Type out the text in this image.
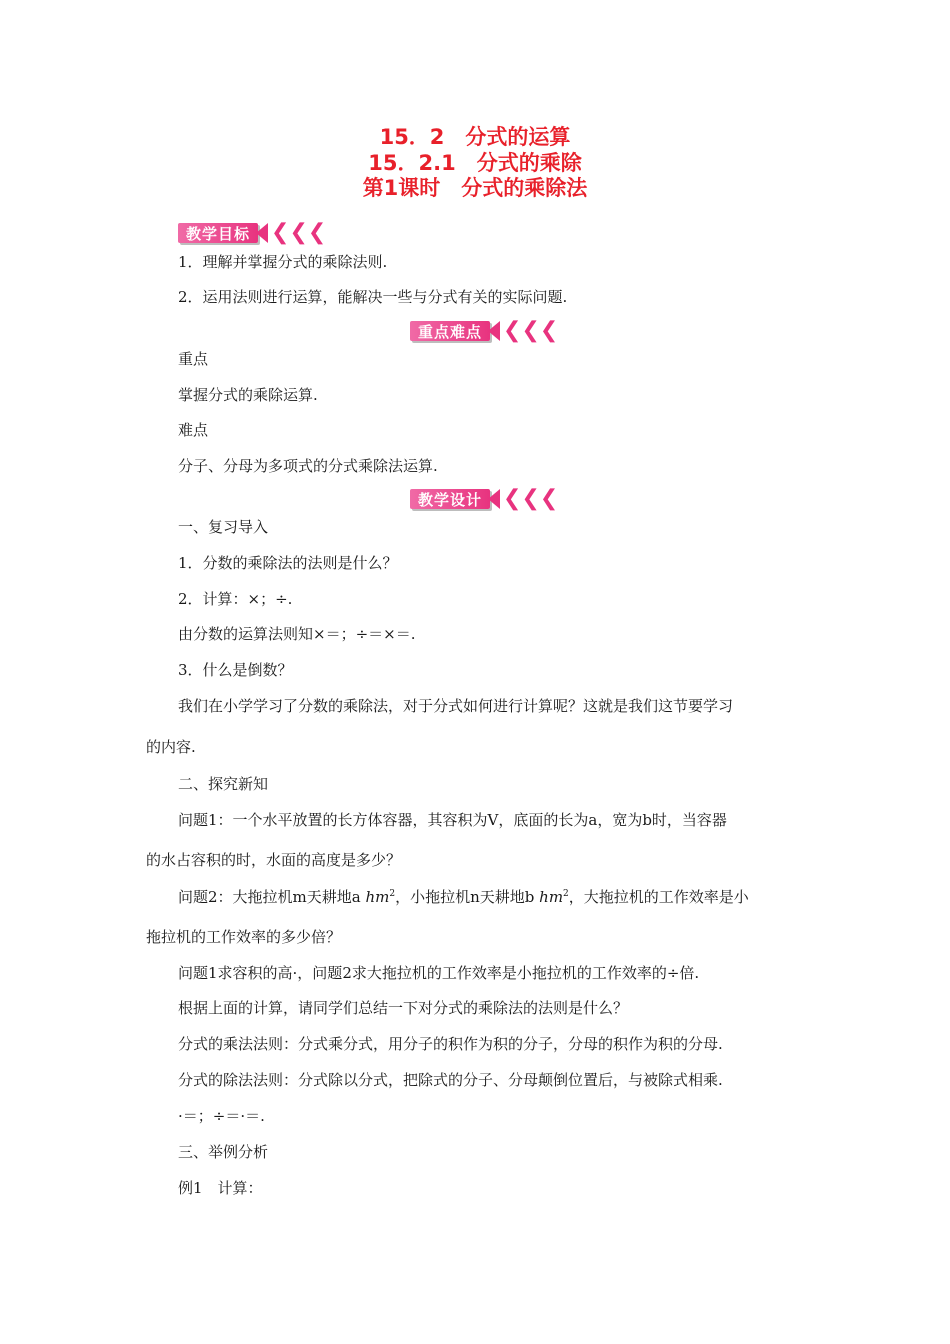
15．2　分式的运算
15．2.1　分式的乘除
第1课时　分式的乘除法
教学目标 ❮❮❮
1．理解并掌握分式的乘除法则.
2．运用法则进行运算，能解决一些与分式有关的实际问题.
重点难点 ❮❮❮
重点
掌握分式的乘除运算.
难点
分子、分母为多项式的分式乘除法运算.
教学设计 ❮❮❮
一、复习导入
1．分数的乘除法的法则是什么？
2．计算：×；÷.
由分数的运算法则知×＝；÷＝×＝.
3．什么是倒数？
我们在小学学习了分数的乘除法，对于分式如何进行计算呢？这就是我们这节要学习
的内容.
二、探究新知
问题1：一个水平放置的长方体容器，其容积为V，底面的长为a，宽为b时，当容器
的水占容积的时，水面的高度是多少？
问题2：大拖拉机m天耕地a $hm^2$，小拖拉机n天耕地b $hm^2$，大拖拉机的工作效率是小
拖拉机的工作效率的多少倍？
问题1求容积的高·，问题2求大拖拉机的工作效率是小拖拉机的工作效率的÷倍.
根据上面的计算，请同学们总结一下对分式的乘除法的法则是什么？
分式的乘法法则：分式乘分式，用分子的积作为积的分子，分母的积作为积的分母.
分式的除法法则：分式除以分式，把除式的分子、分母颠倒位置后，与被除式相乘.
·＝；÷＝·＝.
三、举例分析
例1　计算：
